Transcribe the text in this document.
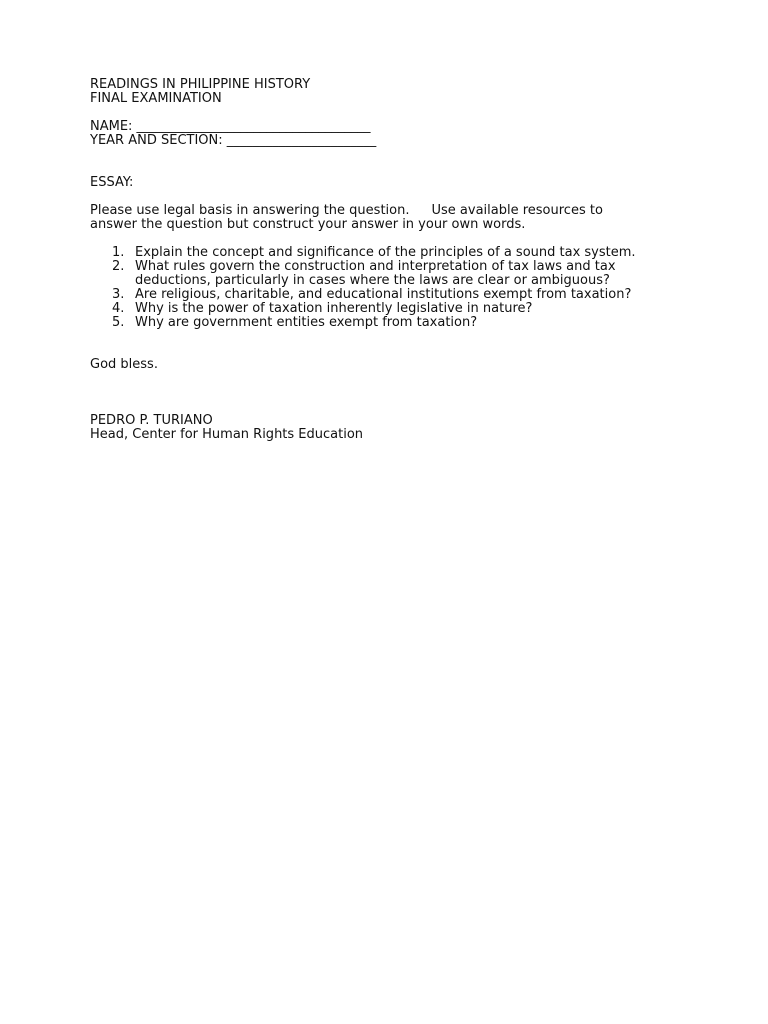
READINGS IN PHILIPPINE HISTORY
FINAL EXAMINATION
NAME: ____________________________________
YEAR AND SECTION: _______________________
ESSAY:
Please use legal basis in answering the question. Use available resources to answer the question but construct your answer in your own words.
1. Explain the concept and significance of the principles of a sound tax system.
2. What rules govern the construction and interpretation of tax laws and tax deductions, particularly in cases where the laws are clear or ambiguous?
3. Are religious, charitable, and educational institutions exempt from taxation?
4. Why is the power of taxation inherently legislative in nature?
5. Why are government entities exempt from taxation?
God bless.
PEDRO P. TURIANO
Head, Center for Human Rights Education
